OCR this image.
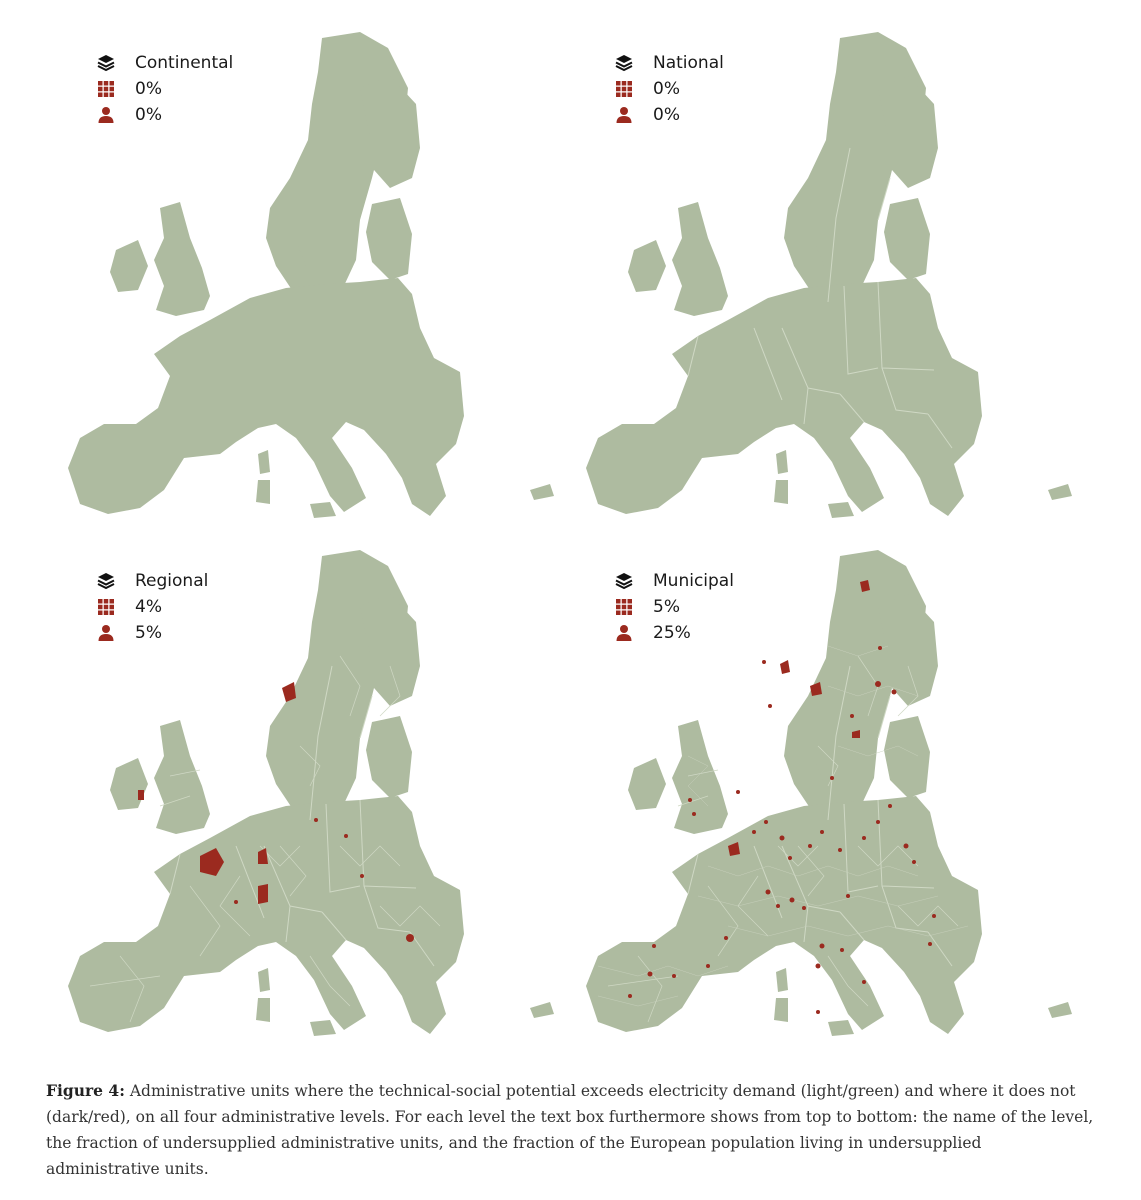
Continental
0%
0%
National
0%
0%
Regional
4%
5%
Municipal
5%
25%

Figure 4: Administrative units where the technical-social potential exceeds electricity demand (light/green) and where it does not (dark/red), on all four administrative levels. For each level the text box furthermore shows from top to bottom: the name of the level, the fraction of undersupplied administrative units, and the fraction of the European population living in undersupplied administrative units.
